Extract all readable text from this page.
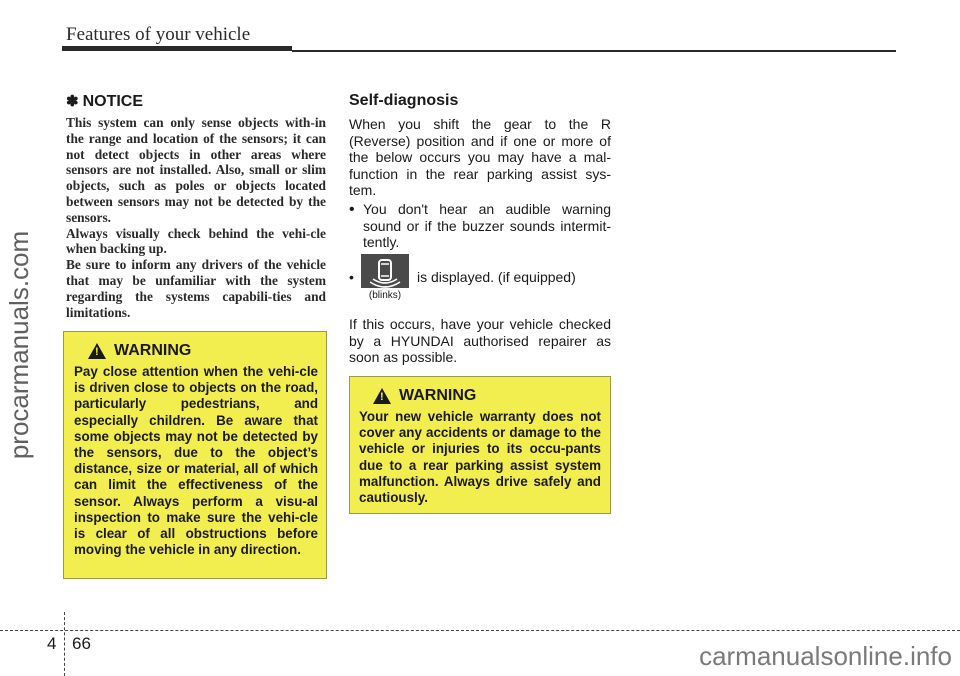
Features of your vehicle
procarmanuals.com
✽ NOTICE

This system can only sense objects with-in the range and location of the sensors; it can not detect objects in other areas where sensors are not installed. Also, small or slim objects, such as poles or objects located between sensors may not be detected by the sensors.

Always visually check behind the vehi-cle when backing up.

Be sure to inform any drivers of the vehicle that may be unfamiliar with the system regarding the systems capabili-ties and limitations.

!
WARNING
Pay close attention when the vehi-cle is driven close to objects on the road, particularly pedestrians, and especially children. Be aware that some objects may not be detected by the sensors, due to the object’s distance, size or material, all of which can limit the effectiveness of the sensor. Always perform a visu-al inspection to make sure the vehi-cle is clear of all obstructions before moving the vehicle in any direction.
Self-diagnosis

When you shift the gear to the R (Reverse) position and if one or more of the below occurs you may have a mal-function in the rear parking assist sys-tem.

• You don't hear an audible warning sound or if the buzzer sounds intermit-tently.
•
(blinks)
is displayed. (if equipped)

If this occurs, have your vehicle checked by a HYUNDAI authorised repairer as soon as possible.

!
WARNING
Your new vehicle warranty does not cover any accidents or damage to the vehicle or injuries to its occu-pants due to a rear parking assist system malfunction. Always drive safely and cautiously.
4 66	carmanualsonline.info
